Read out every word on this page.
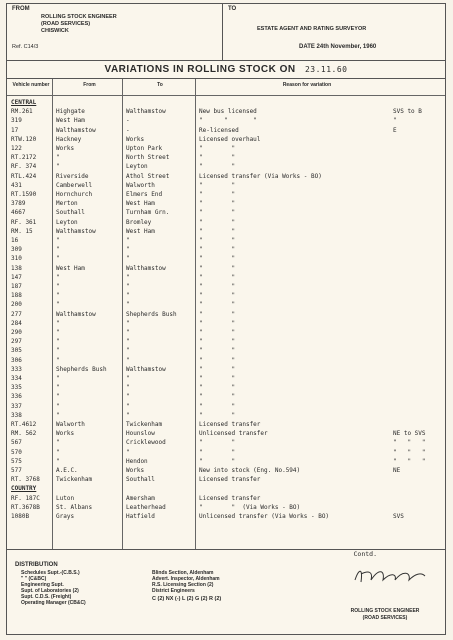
FROM
ROLLING STOCK ENGINEER
(ROAD SERVICES)
CHISWICK
Ref. C14/3
TO
ESTATE AGENT AND RATING SURVEYOR
DATE 24th November, 1960
VARIATIONS IN ROLLING STOCK ON 23.11.60
Vehicle number	From	To	Reason for variation
CENTRAL
RM.261	Highgate	Walthamstow	New bus licensed	SVS to B
319	West Ham	-	"      "       "	"
17	Walthamstow	-	Re-licensed	E
RTW.120	Hackney	Works	Licensed overhaul
122	Works	Upton Park	"        "
RT.2172	"	North Street	"        "
RF. 374	"	Leyton	"        "
RTL.424	Riverside	Athol Street	Licensed transfer (Via Works - BO)
431	Camberwell	Walworth	"        "
RT.1590	Hornchurch	Elmers End	"        "
3789	Merton	West Ham	"        "
4667	Southall	Turnham Grn.	"        "
RF. 361	Leyton	Bromley	"        "
RM. 15	Walthamstow	West Ham	"        "
16	"	"	"        "
309	"	"	"        "
310	"	"	"        "
138	West Ham	Walthamstow	"        "
147	"	"	"        "
187	"	"	"        "
188	"	"	"        "
200	"	"	"        "
277	Walthamstow	Shepherds Bush	"        "
284	"	"	"        "
290	"	"	"        "
297	"	"	"        "
305	"	"	"        "
306	"	"	"        "
333	Shepherds Bush	Walthamstow	"        "
334	"	"	"        "
335	"	"	"        "
336	"	"	"        "
337	"	"	"        "
338	"	"	"        "
RT.4612	Walworth	Twickenham	Licensed transfer
RM. 562	Works	Hounslow	Unlicensed transfer	NE to SVS
567	"	Cricklewood	"        "	"   "   "
570	"	"	"        "	"   "   "
575	"	Hendon	"        "	"   "   "
577	A.E.C.	Works	New into stock (Eng. No.594)	NE
RT. 3768	Twickenham	Southall	Licensed transfer
COUNTRY
RF. 187C	Luton	Amersham	Licensed transfer
RT.3678B	St. Albans	Leatherhead	"        "  (Via Works - BO)
1080B	Grays	Hatfield	Unlicensed transfer (Via Works - BO)	SVS
Contd.
DISTRIBUTION
Schedules Supt.-(C.B.S.)
" " (C&BC)
Engineering Supt.
Supt. of Laboratories (2)
Supt. C.D.S. (Freight)
Operating Manager (CB&C)
Blinds Section, Aldenham
Advert. Inspector, Aldenham
R.S. Licensing Section (2)
District Engineers
C (2) NX (-) L (2) G (2) R (2)
ROLLING STOCK ENGINEER
(ROAD SERVICES)
